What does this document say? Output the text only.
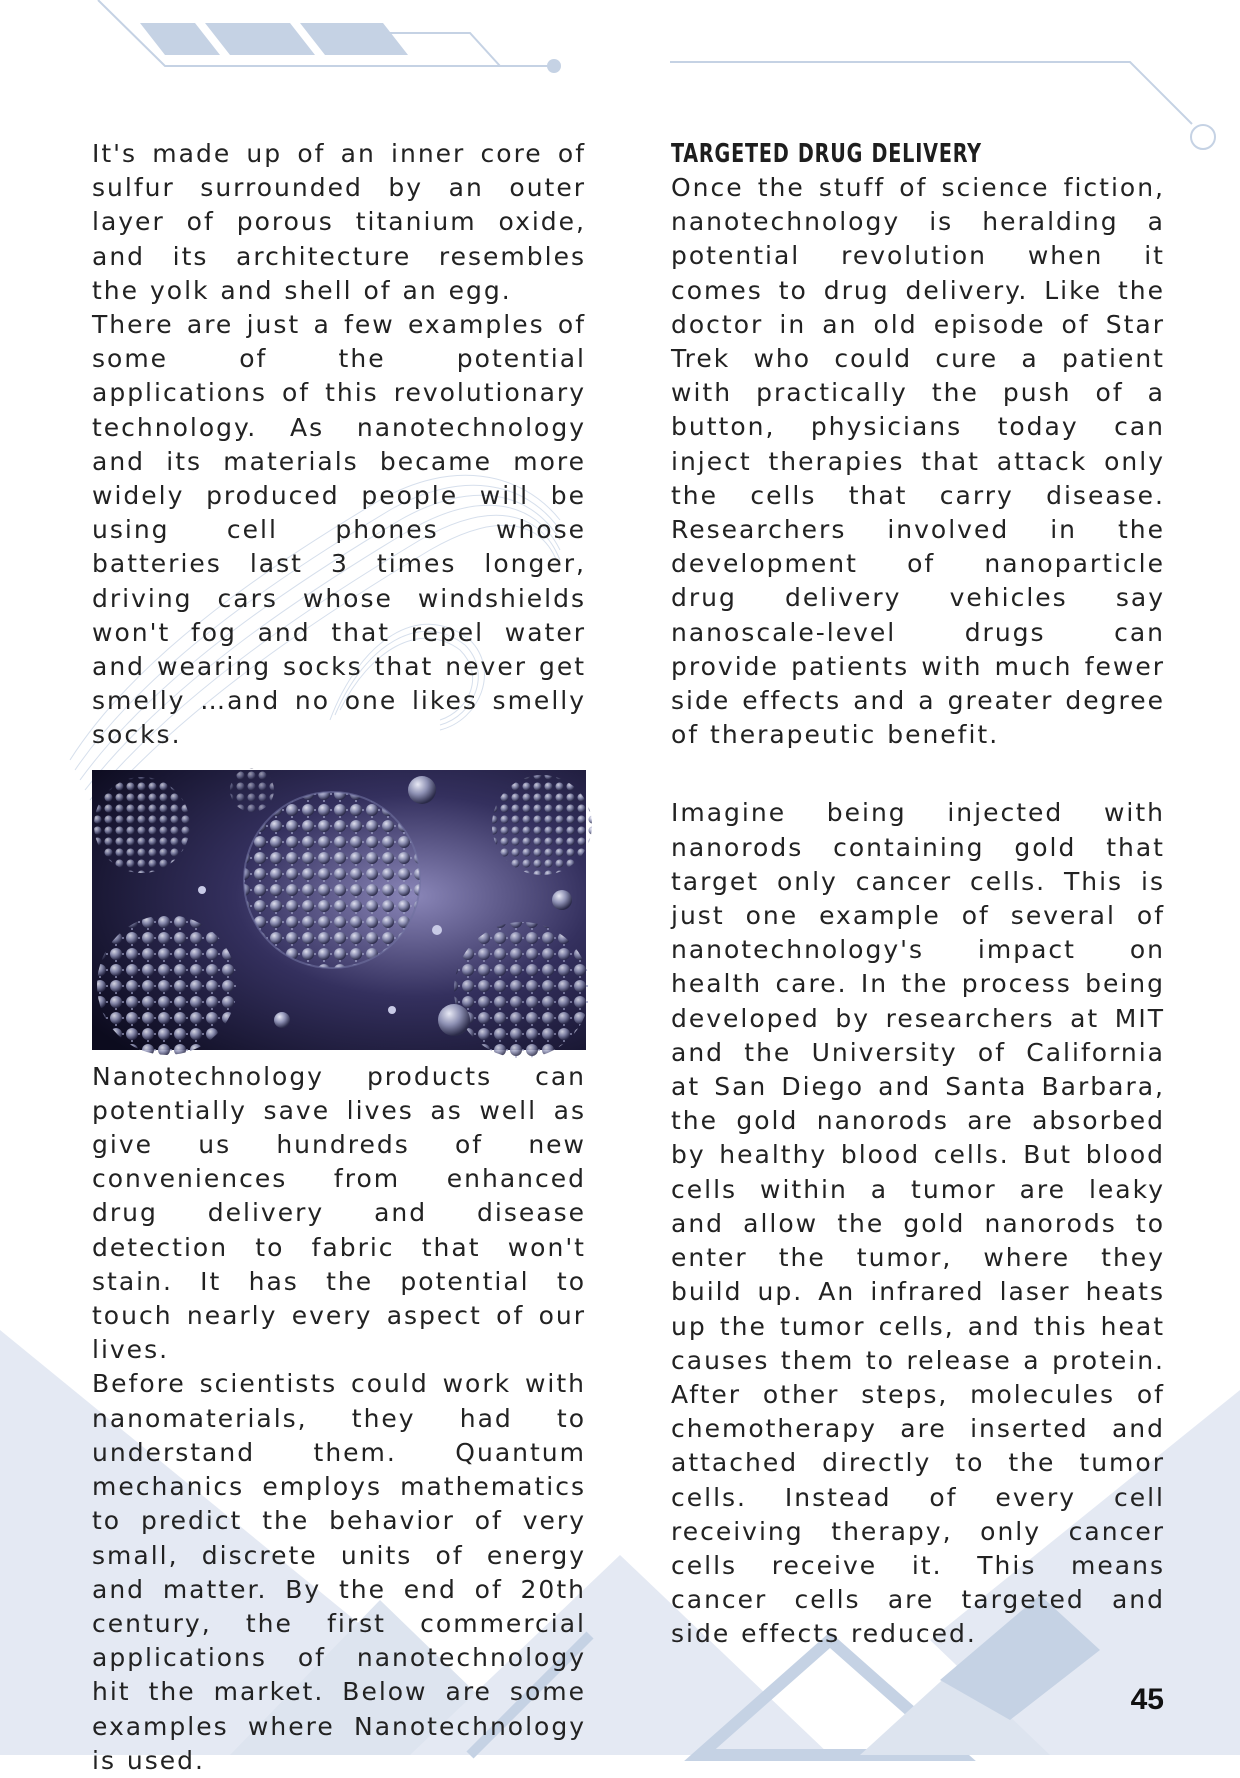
It's made up of an inner core of sulfur surrounded by an outer layer of porous titanium oxide, and its architecture resembles the yolk and shell of an egg.

There are just a few examples of some of the potential applications of this revolutionary technology. As nanotechnology and its materials became more widely produced people will be using cell phones whose batteries last 3 times longer, driving cars whose windshields won't fog and that repel water and wearing socks that never get smelly …and no one likes smelly socks.

Nanotechnology products can potentially save lives as well as give us hundreds of new conveniences from enhanced drug delivery and disease detection to fabric that won't stain. It has the potential to touch nearly every aspect of our lives.

Before scientists could work with nanomaterials, they had to understand them. Quantum mechanics employs mathematics to predict the behavior of very small, discrete units of energy and matter. By the end of 20th century, the first commercial applications of nanotechnology hit the market. Below are some examples where Nanotechnology is used.

TARGETED DRUG DELIVERY

Once the stuff of science fiction, nanotechnology is heralding a potential revolution when it comes to drug delivery. Like the doctor in an old episode of Star Trek who could cure a patient with practically the push of a button, physicians today can inject therapies that attack only the cells that carry disease. Researchers involved in the development of nanoparticle drug delivery vehicles say nanoscale-level drugs can provide patients with much fewer side effects and a greater degree of therapeutic benefit.

Imagine being injected with nanorods containing gold that target only cancer cells. This is just one example of several of nanotechnology's impact on health care. In the process being developed by researchers at MIT and the University of California at San Diego and Santa Barbara, the gold nanorods are absorbed by healthy blood cells. But blood cells within a tumor are leaky and allow the gold nanorods to enter the tumor, where they build up. An infrared laser heats up the tumor cells, and this heat causes them to release a protein. After other steps, molecules of chemotherapy are inserted and attached directly to the tumor cells. Instead of every cell receiving therapy, only cancer cells receive it. This means cancer cells are targeted and side effects reduced.

45
